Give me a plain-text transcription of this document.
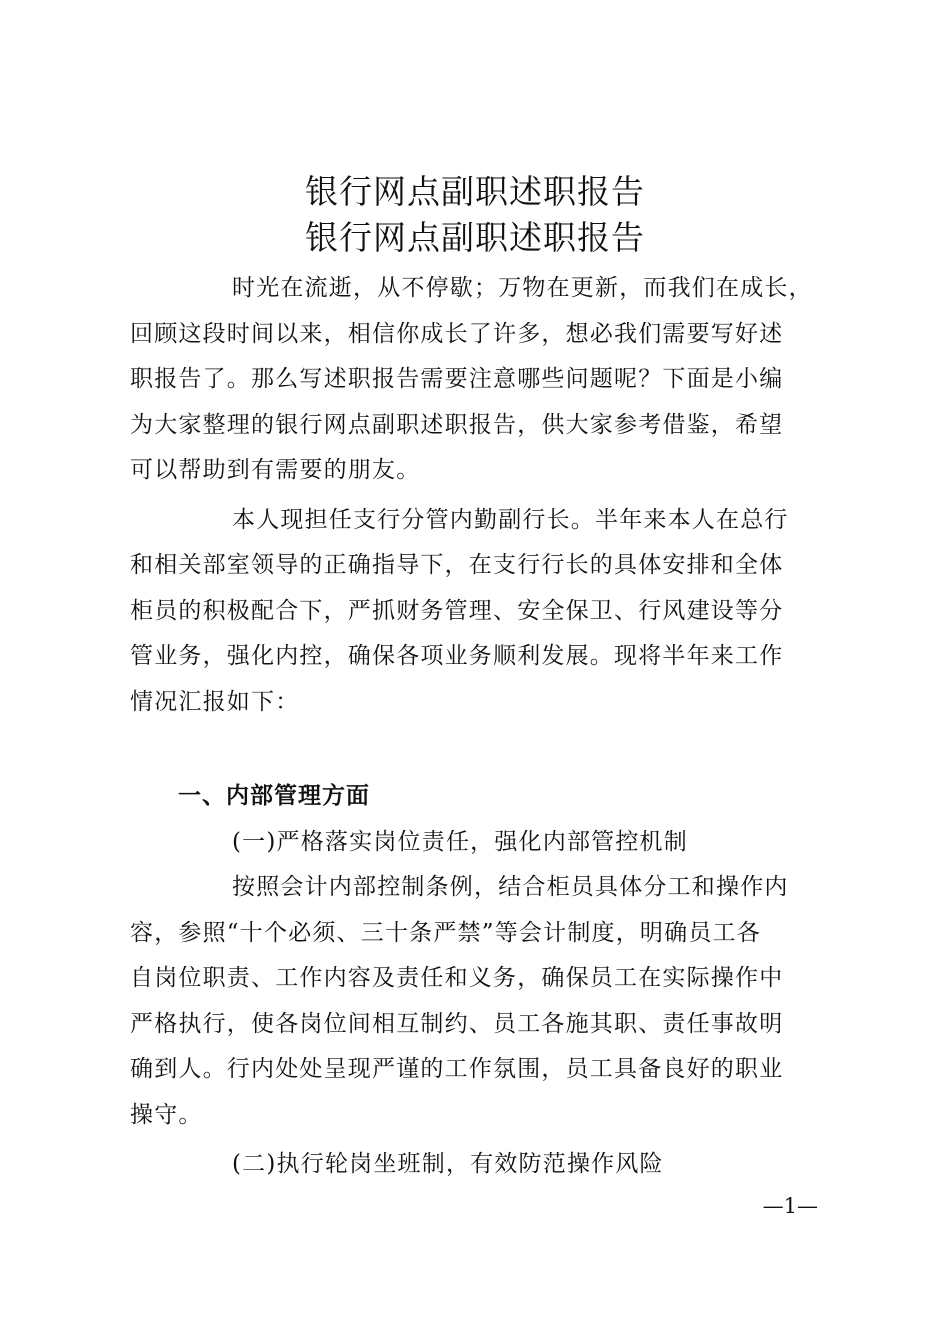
银行网点副职述职报告
银行网点副职述职报告
时光在流逝，从不停歇；万物在更新，而我们在成长，
回顾这段时间以来，相信你成长了许多，想必我们需要写好述
职报告了。那么写述职报告需要注意哪些问题呢？下面是小编
为大家整理的银行网点副职述职报告，供大家参考借鉴，希望
可以帮助到有需要的朋友。
本人现担任支行分管内勤副行长。半年来本人在总行
和相关部室领导的正确指导下，在支行行长的具体安排和全体
柜员的积极配合下，严抓财务管理、安全保卫、行风建设等分
管业务，强化内控，确保各项业务顺利发展。现将半年来工作
情况汇报如下：
一、内部管理方面
(一)严格落实岗位责任，强化内部管控机制
按照会计内部控制条例，结合柜员具体分工和操作内
容，参照“十个必须、三十条严禁”等会计制度，明确员工各
自岗位职责、工作内容及责任和义务，确保员工在实际操作中
严格执行，使各岗位间相互制约、员工各施其职、责任事故明
确到人。行内处处呈现严谨的工作氛围，员工具备良好的职业
操守。
(二)执行轮岗坐班制，有效防范操作风险
—1—
